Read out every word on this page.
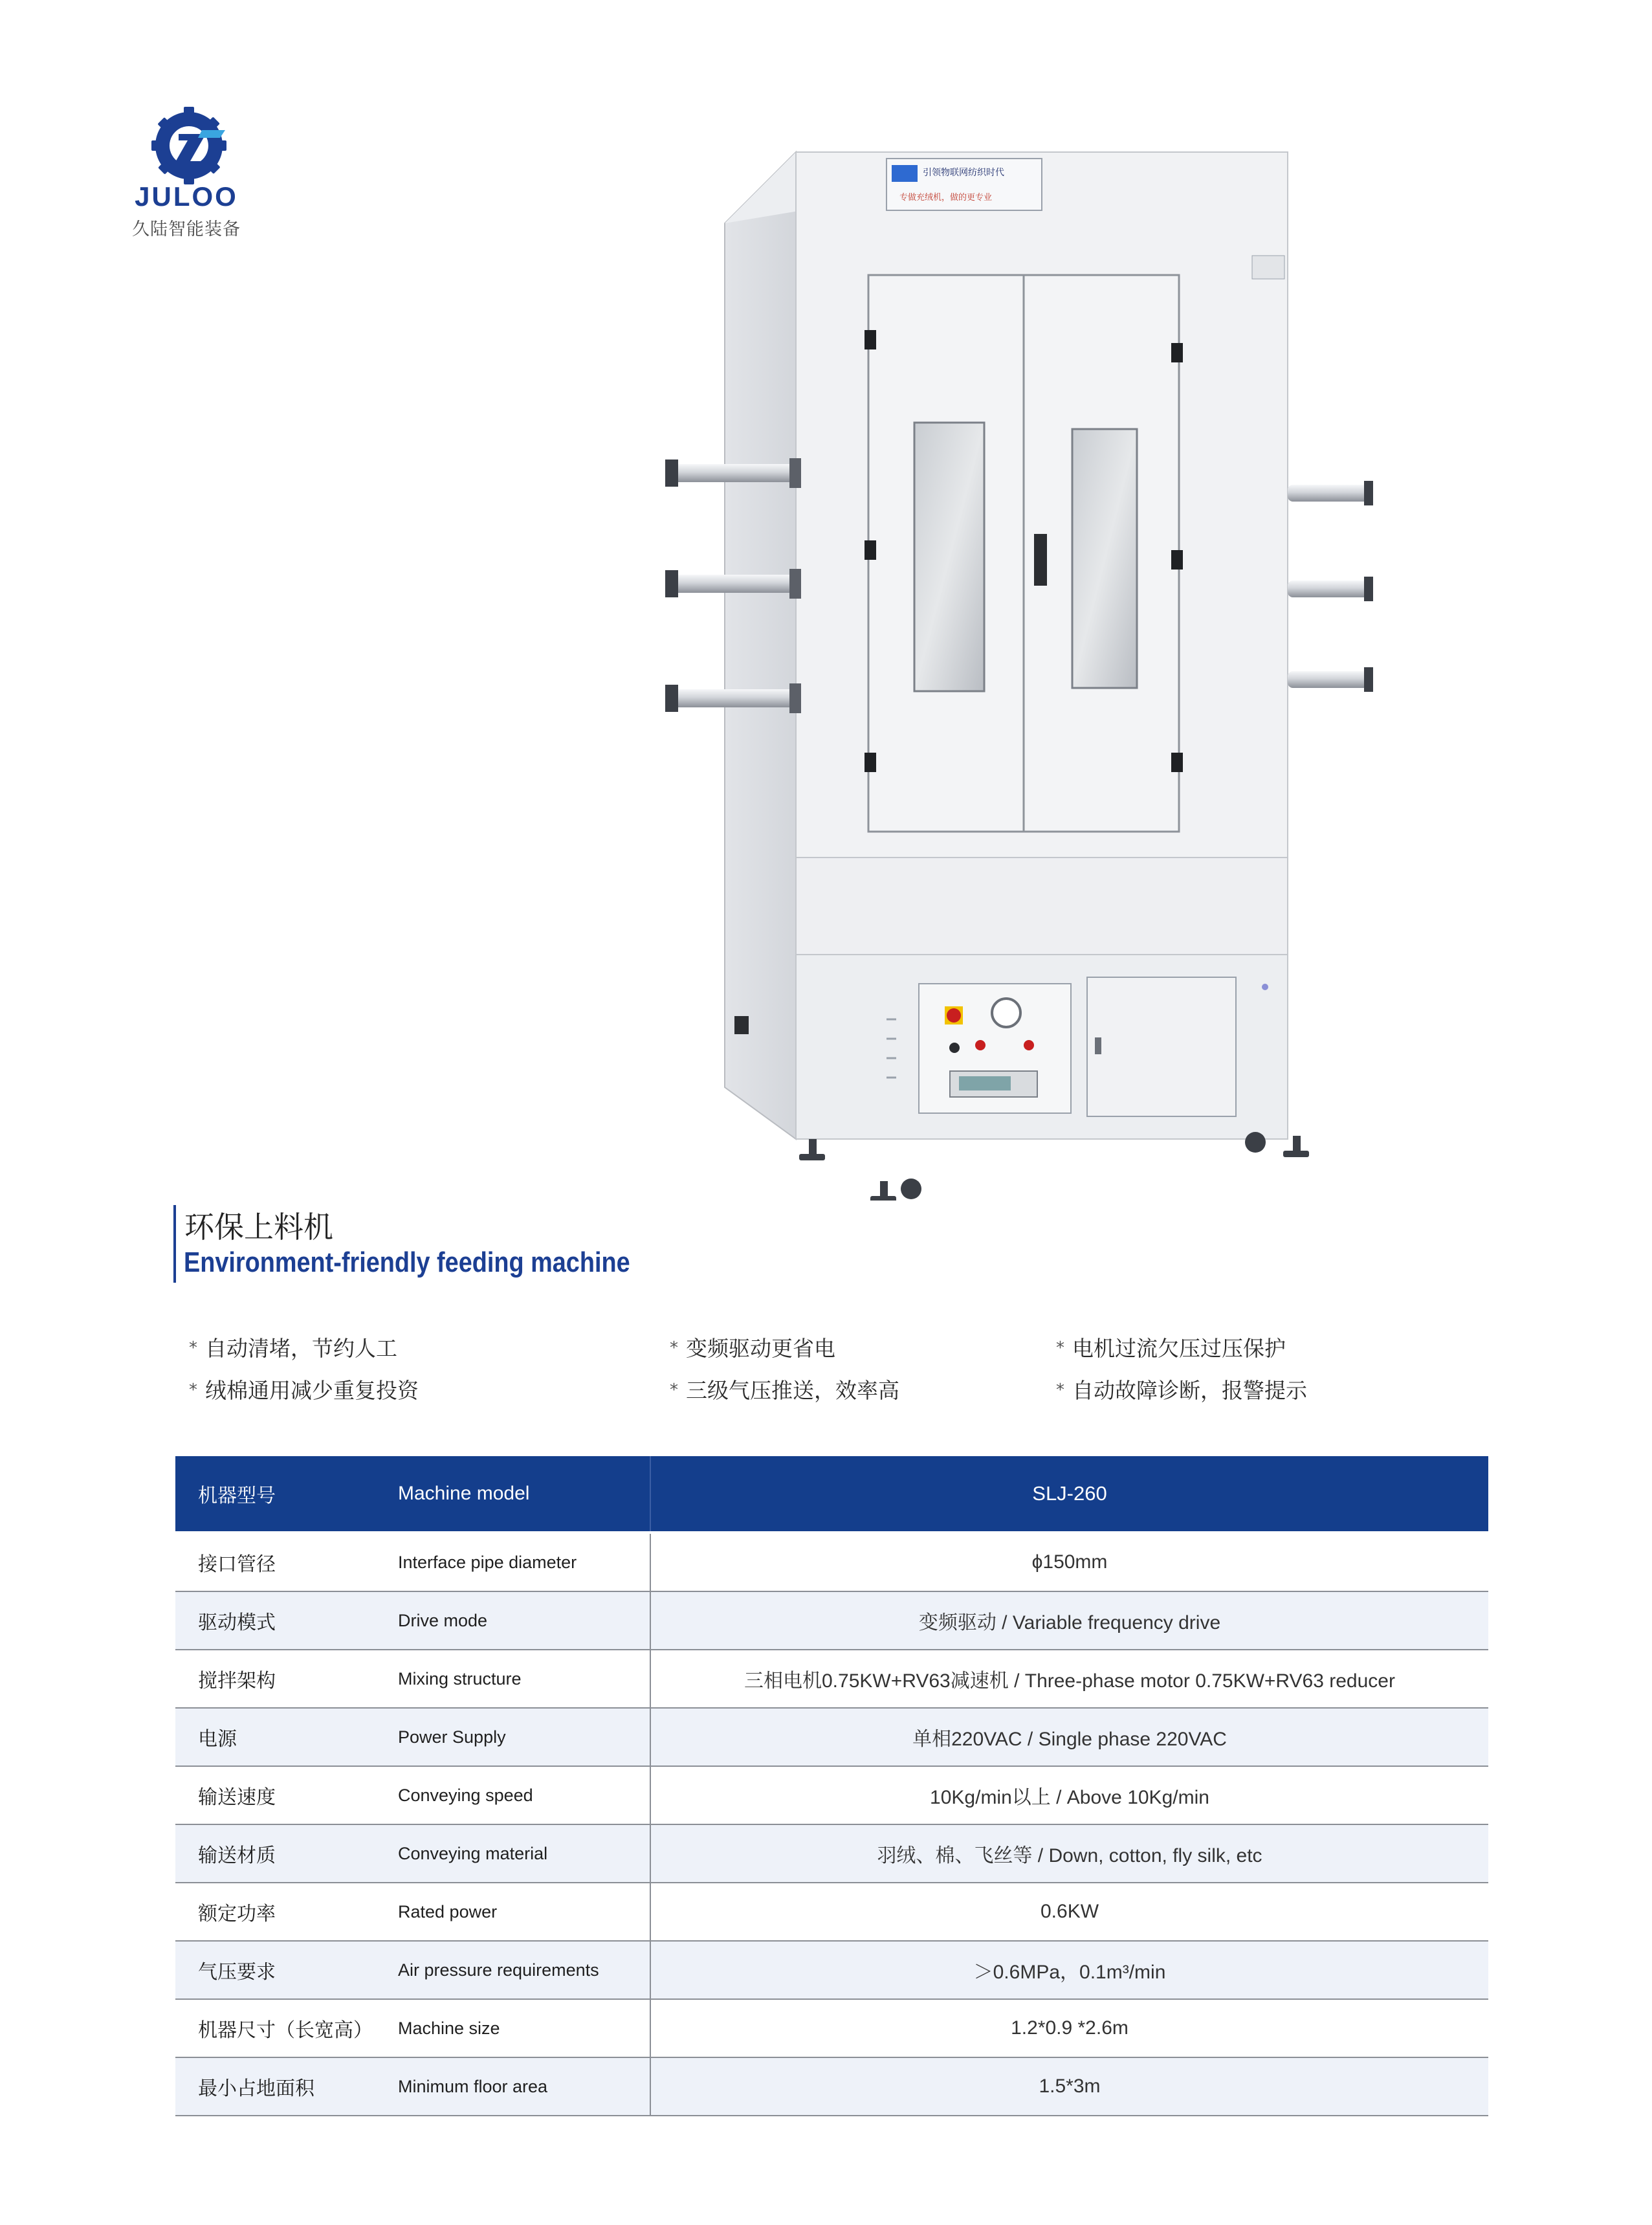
JULOO
久陆智能装备
引领物联网纺织时代
专做充绒机，做的更专业
环保上料机
Environment-friendly feeding machine
* 自动清堵，节约人工	* 变频驱动更省电	* 电机过流欠压过压保护
* 绒棉通用减少重复投资	* 三级气压推送，效率高	* 自动故障诊断，报警提示
机器型号	Machine model	SLJ-260
接口管径	Interface pipe diameter	ϕ150mm
驱动模式	Drive mode	变频驱动 / Variable frequency drive
搅拌架构	Mixing structure	三相电机0.75KW+RV63减速机 / Three-phase motor 0.75KW+RV63 reducer
电源	Power Supply	单相220VAC / Single phase 220VAC
输送速度	Conveying speed	10Kg/min以上 / Above 10Kg/min
输送材质	Conveying material	羽绒、棉、飞丝等 / Down, cotton, fly silk, etc
额定功率	Rated power	0.6KW
气压要求	Air pressure requirements	＞0.6MPa，0.1m³/min
机器尺寸（长宽高） Machine size	1.2*0.9 *2.6m
最小占地面积	Minimum floor area	1.5*3m
